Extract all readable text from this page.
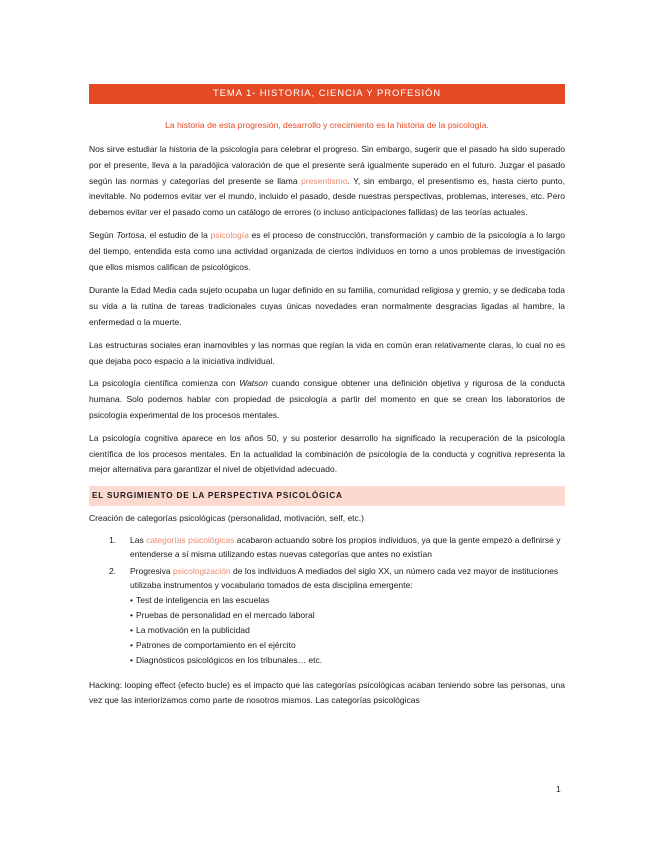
TEMA 1- HISTORIA, CIENCIA Y PROFESIÓN
La historia de esta progresión, desarrollo y crecimiento es la historia de la psicología.

Nos sirve estudiar la historia de la psicología para celebrar el progreso. Sin embargo, sugerir que el pasado ha sido superado por el presente, lleva a la paradójica valoración de que el presente será igualmente superado en el futuro. Juzgar el pasado según las normas y categorías del presente se llama presentismo. Y, sin embargo, el presentismo es, hasta cierto punto, inevitable. No podemos evitar ver el mundo, incluido el pasado, desde nuestras perspectivas, problemas, intereses, etc. Pero debemos evitar ver el pasado como un catálogo de errores (o incluso anticipaciones fallidas) de las teorías actuales.

Según Tortosa, el estudio de la psicología es el proceso de construcción, transformación y cambio de la psicología a lo largo del tiempo, entendida esta como una actividad organizada de ciertos individuos en torno a unos problemas de investigación que ellos mismos califican de psicológicos.

Durante la Edad Media cada sujeto ocupaba un lugar definido en su familia, comunidad religiosa y gremio, y se dedicaba toda su vida a la rutina de tareas tradicionales cuyas únicas novedades eran normalmente desgracias ligadas al hambre, la enfermedad o la muerte.

Las estructuras sociales eran inamovibles y las normas que regían la vida en común eran relativamente claras, lo cual no es que dejaba poco espacio a la iniciativa individual.

La psicología científica comienza con Watson cuando consigue obtener una definición objetiva y rigurosa de la conducta humana. Solo podemos hablar con propiedad de psicología a partir del momento en que se crean los laboratorios de psicología experimental de los procesos mentales.

La psicología cognitiva aparece en los años 50, y su posterior desarrollo ha significado la recuperación de la psicología científica de los procesos mentales. En la actualidad la combinación de psicología de la conducta y cognitiva representa la mejor alternativa para garantizar el nivel de objetividad adecuado.

EL SURGIMIENTO DE LA PERSPECTIVA PSICOLÓGICA

Creación de categorías psicológicas (personalidad, motivación, self, etc.)

1. Las categorías psicológicas acabaron actuando sobre los propios individuos, ya que la gente empezó a definirse y entenderse a sí misma utilizando estas nuevas categorías que antes no existían
2. Progresiva psicologización de los individuos A mediados del siglo XX, un número cada vez mayor de instituciones utilizaba instrumentos y vocabulario tomados de esta disciplina emergente:
• Test de inteligencia en las escuelas
• Pruebas de personalidad en el mercado laboral
• La motivación en la publicidad
• Patrones de comportamiento en el ejército
• Diagnósticos psicológicos en los tribunales… etc.

Hacking: looping effect (efecto bucle) es el impacto que las categorías psicológicas acaban teniendo sobre las personas, una vez que las interiorizamos como parte de nosotros mismos. Las categorías psicológicas

1
